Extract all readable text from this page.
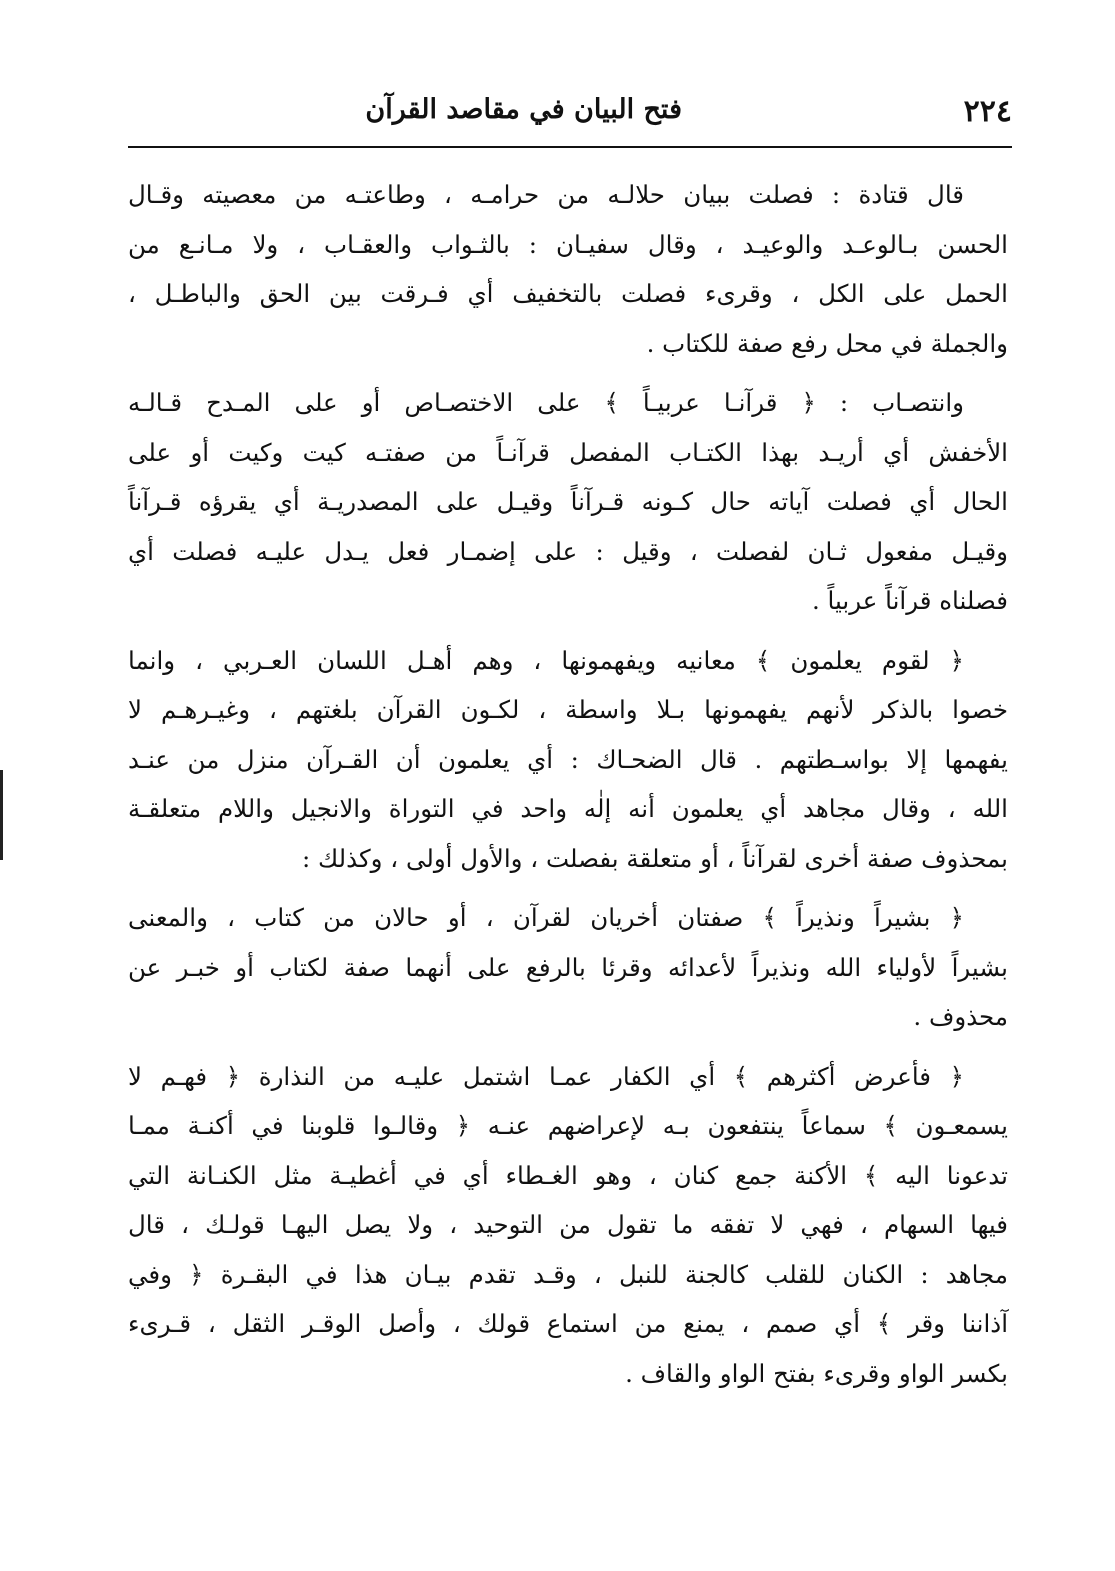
٢٢٤
فتح البيان في مقاصد القرآن

قال قتادة : فصلت ببيان حلالـه من حرامـه ، وطاعتـه من معصيته وقـال
الحسن بـالوعـد والوعيـد ، وقال سفيـان : بالثـواب والعقـاب ، ولا مـانـع من
الحمل على الكل ، وقرىء فصلت بالتخفيف أي فـرقت بين الحق والباطـل ،
والجملة في محل رفع صفة للكتاب .

وانتصـاب : ﴿ قرآنـا عربيـاً ﴾ على الاختصـاص أو على المـدح قـالـه
الأخفش أي أريـد بهذا الكتـاب المفصل قرآنـاً من صفتـه كيت وكيت أو على
الحال أي فصلت آياته حال كـونه قـرآناً وقيـل على المصدريـة أي يقرؤه قـرآناً
وقيـل مفعول ثـان لفصلت ، وقيل : على إضمـار فعل يـدل عليـه فصلت أي
فصلناه قرآناً عربياً .

﴿ لقوم يعلمون ﴾ معانيه ويفهمونها ، وهم أهـل اللسان العـربي ، وانما
خصوا بالذكر لأنهم يفهمونها بـلا واسطة ، لكـون القرآن بلغتهم ، وغيـرهـم لا
يفهمها إلا بواسـطتهم . قال الضحـاك : أي يعلمون أن القـرآن منزل من عنـد
الله ، وقال مجاهد أي يعلمون أنه إلٰه واحد في التوراة والانجيل واللام متعلقـة
بمحذوف صفة أخرى لقرآناً ، أو متعلقة بفصلت ، والأول أولى ، وكذلك :

﴿ بشيراً ونذيراً ﴾ صفتان أخريان لقرآن ، أو حالان من كتاب ، والمعنى
بشيراً لأولياء الله ونذيراً لأعدائه وقرئا بالرفع على أنهما صفة لكتاب أو خبـر عن
محذوف .

﴿ فأعرض أكثرهم ﴾ أي الكفار عمـا اشتمل عليـه من النذارة ﴿ فهـم لا
يسمعـون ﴾ سماعاً ينتفعون بـه لإعراضهم عنـه ﴿ وقالـوا قلوبنا في أكنـة ممـا
تدعونا اليه ﴾ الأكنة جمع كنان ، وهو الغـطاء أي في أغطيـة مثل الكنـانة التي
فيها السهام ، فهي لا تفقه ما تقول من التوحيد ، ولا يصل اليهـا قولـك ، قال
مجاهد : الكنان للقلب كالجنة للنبل ، وقـد تقدم بيـان هذا في البقـرة ﴿ وفي
آذاننا وقر ﴾ أي صمم ، يمنع من استماع قولك ، وأصل الوقـر الثقل ، قـرىء
بكسر الواو وقرىء بفتح الواو والقاف .
